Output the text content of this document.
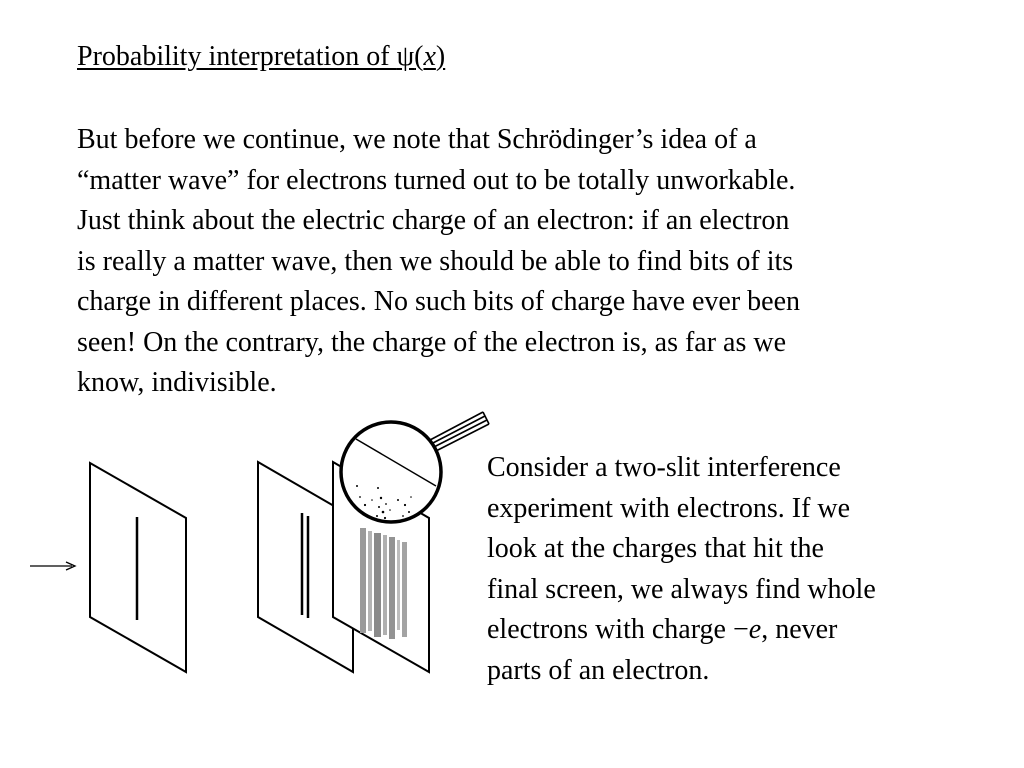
Probability interpretation of ψ(x)
But before we continue, we note that Schrödinger’s idea of a
“matter wave” for electrons turned out to be totally unworkable.
Just think about the electric charge of an electron: if an electron
is really a matter wave, then we should be able to find bits of its
charge in different places. No such bits of charge have ever been
seen! On the contrary, the charge of the electron is, as far as we
know, indivisible.
Consider a two-slit interference
experiment with electrons. If we
look at the charges that hit the
final screen, we always find whole
electrons with charge −e, never
parts of an electron.
